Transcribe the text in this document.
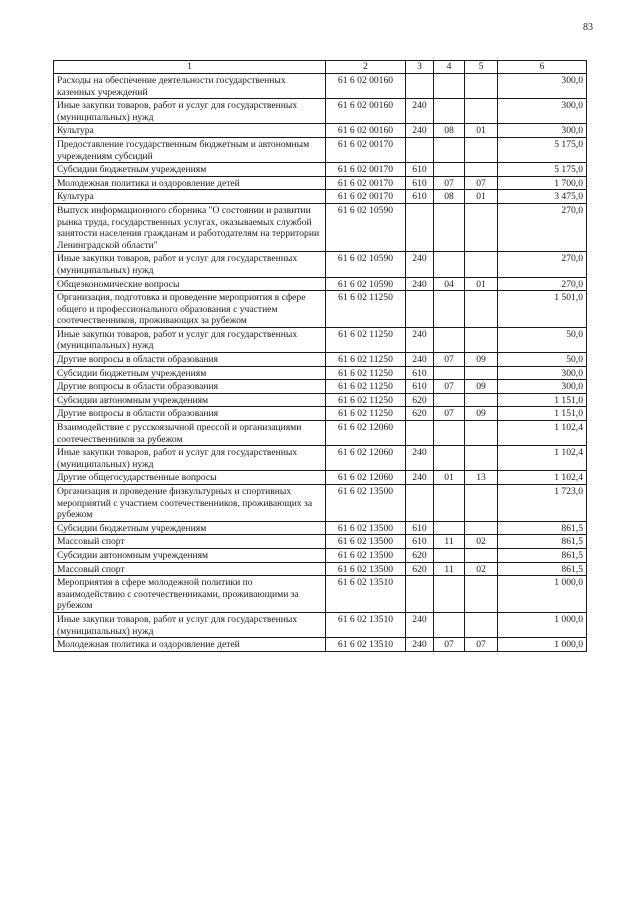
83
1	2	3	4	5	6
Расходы на обеспечение деятельности государственных казенных учреждений	61 6 02 00160				300,0
Иные закупки товаров, работ и услуг для государственных (муниципальных) нужд	61 6 02 00160	240			300,0
Культура	61 6 02 00160	240	08	01	300,0
Предоставление государственным бюджетным и автономным учреждениям субсидий	61 6 02 00170				5 175,0
Субсидии бюджетным учреждениям	61 6 02 00170	610			5 175,0
Молодежная политика и оздоровление детей	61 6 02 00170	610	07	07	1 700,0
Культура	61 6 02 00170	610	08	01	3 475,0
Выпуск информационного сборника "О состоянии и развитии рынка труда, государственных услугах, оказываемых службой занятости населения гражданам и работодателям на территории Ленинградской области"	61 6 02 10590				270,0
Иные закупки товаров, работ и услуг для государственных (муниципальных) нужд	61 6 02 10590	240			270,0
Общеэкономические вопросы	61 6 02 10590	240	04	01	270,0
Организация, подготовка и проведение мероприятия в сфере общего и профессионального образования с участием соотечественников, проживающих за рубежом	61 6 02 11250				1 501,0
Иные закупки товаров, работ и услуг для государственных (муниципальных) нужд	61 6 02 11250	240			50,0
Другие вопросы в области образования	61 6 02 11250	240	07	09	50,0
Субсидии бюджетным учреждениям	61 6 02 11250	610			300,0
Другие вопросы в области образования	61 6 02 11250	610	07	09	300,0
Субсидии автономным учреждениям	61 6 02 11250	620			1 151,0
Другие вопросы в области образования	61 6 02 11250	620	07	09	1 151,0
Взаимодействие с русскоязычной прессой и организациями соотечественников за рубежом	61 6 02 12060				1 102,4
Иные закупки товаров, работ и услуг для государственных (муниципальных) нужд	61 6 02 12060	240			1 102,4
Другие общегосударственные вопросы	61 6 02 12060	240	01	13	1 102,4
Организация и проведение физкультурных и спортивных мероприятий с участием соотечественников, проживающих за рубежом	61 6 02 13500				1 723,0
Субсидии бюджетным учреждениям	61 6 02 13500	610			861,5
Массовый спорт	61 6 02 13500	610	11	02	861,5
Субсидии автономным учреждениям	61 6 02 13500	620			861,5
Массовый спорт	61 6 02 13500	620	11	02	861,5
Мероприятия в сфере молодежной политики по взаимодействию с соотечественниками, проживающими за рубежом	61 6 02 13510				1 000,0
Иные закупки товаров, работ и услуг для государственных (муниципальных) нужд	61 6 02 13510	240			1 000,0
Молодежная политика и оздоровление детей	61 6 02 13510	240	07	07	1 000,0
